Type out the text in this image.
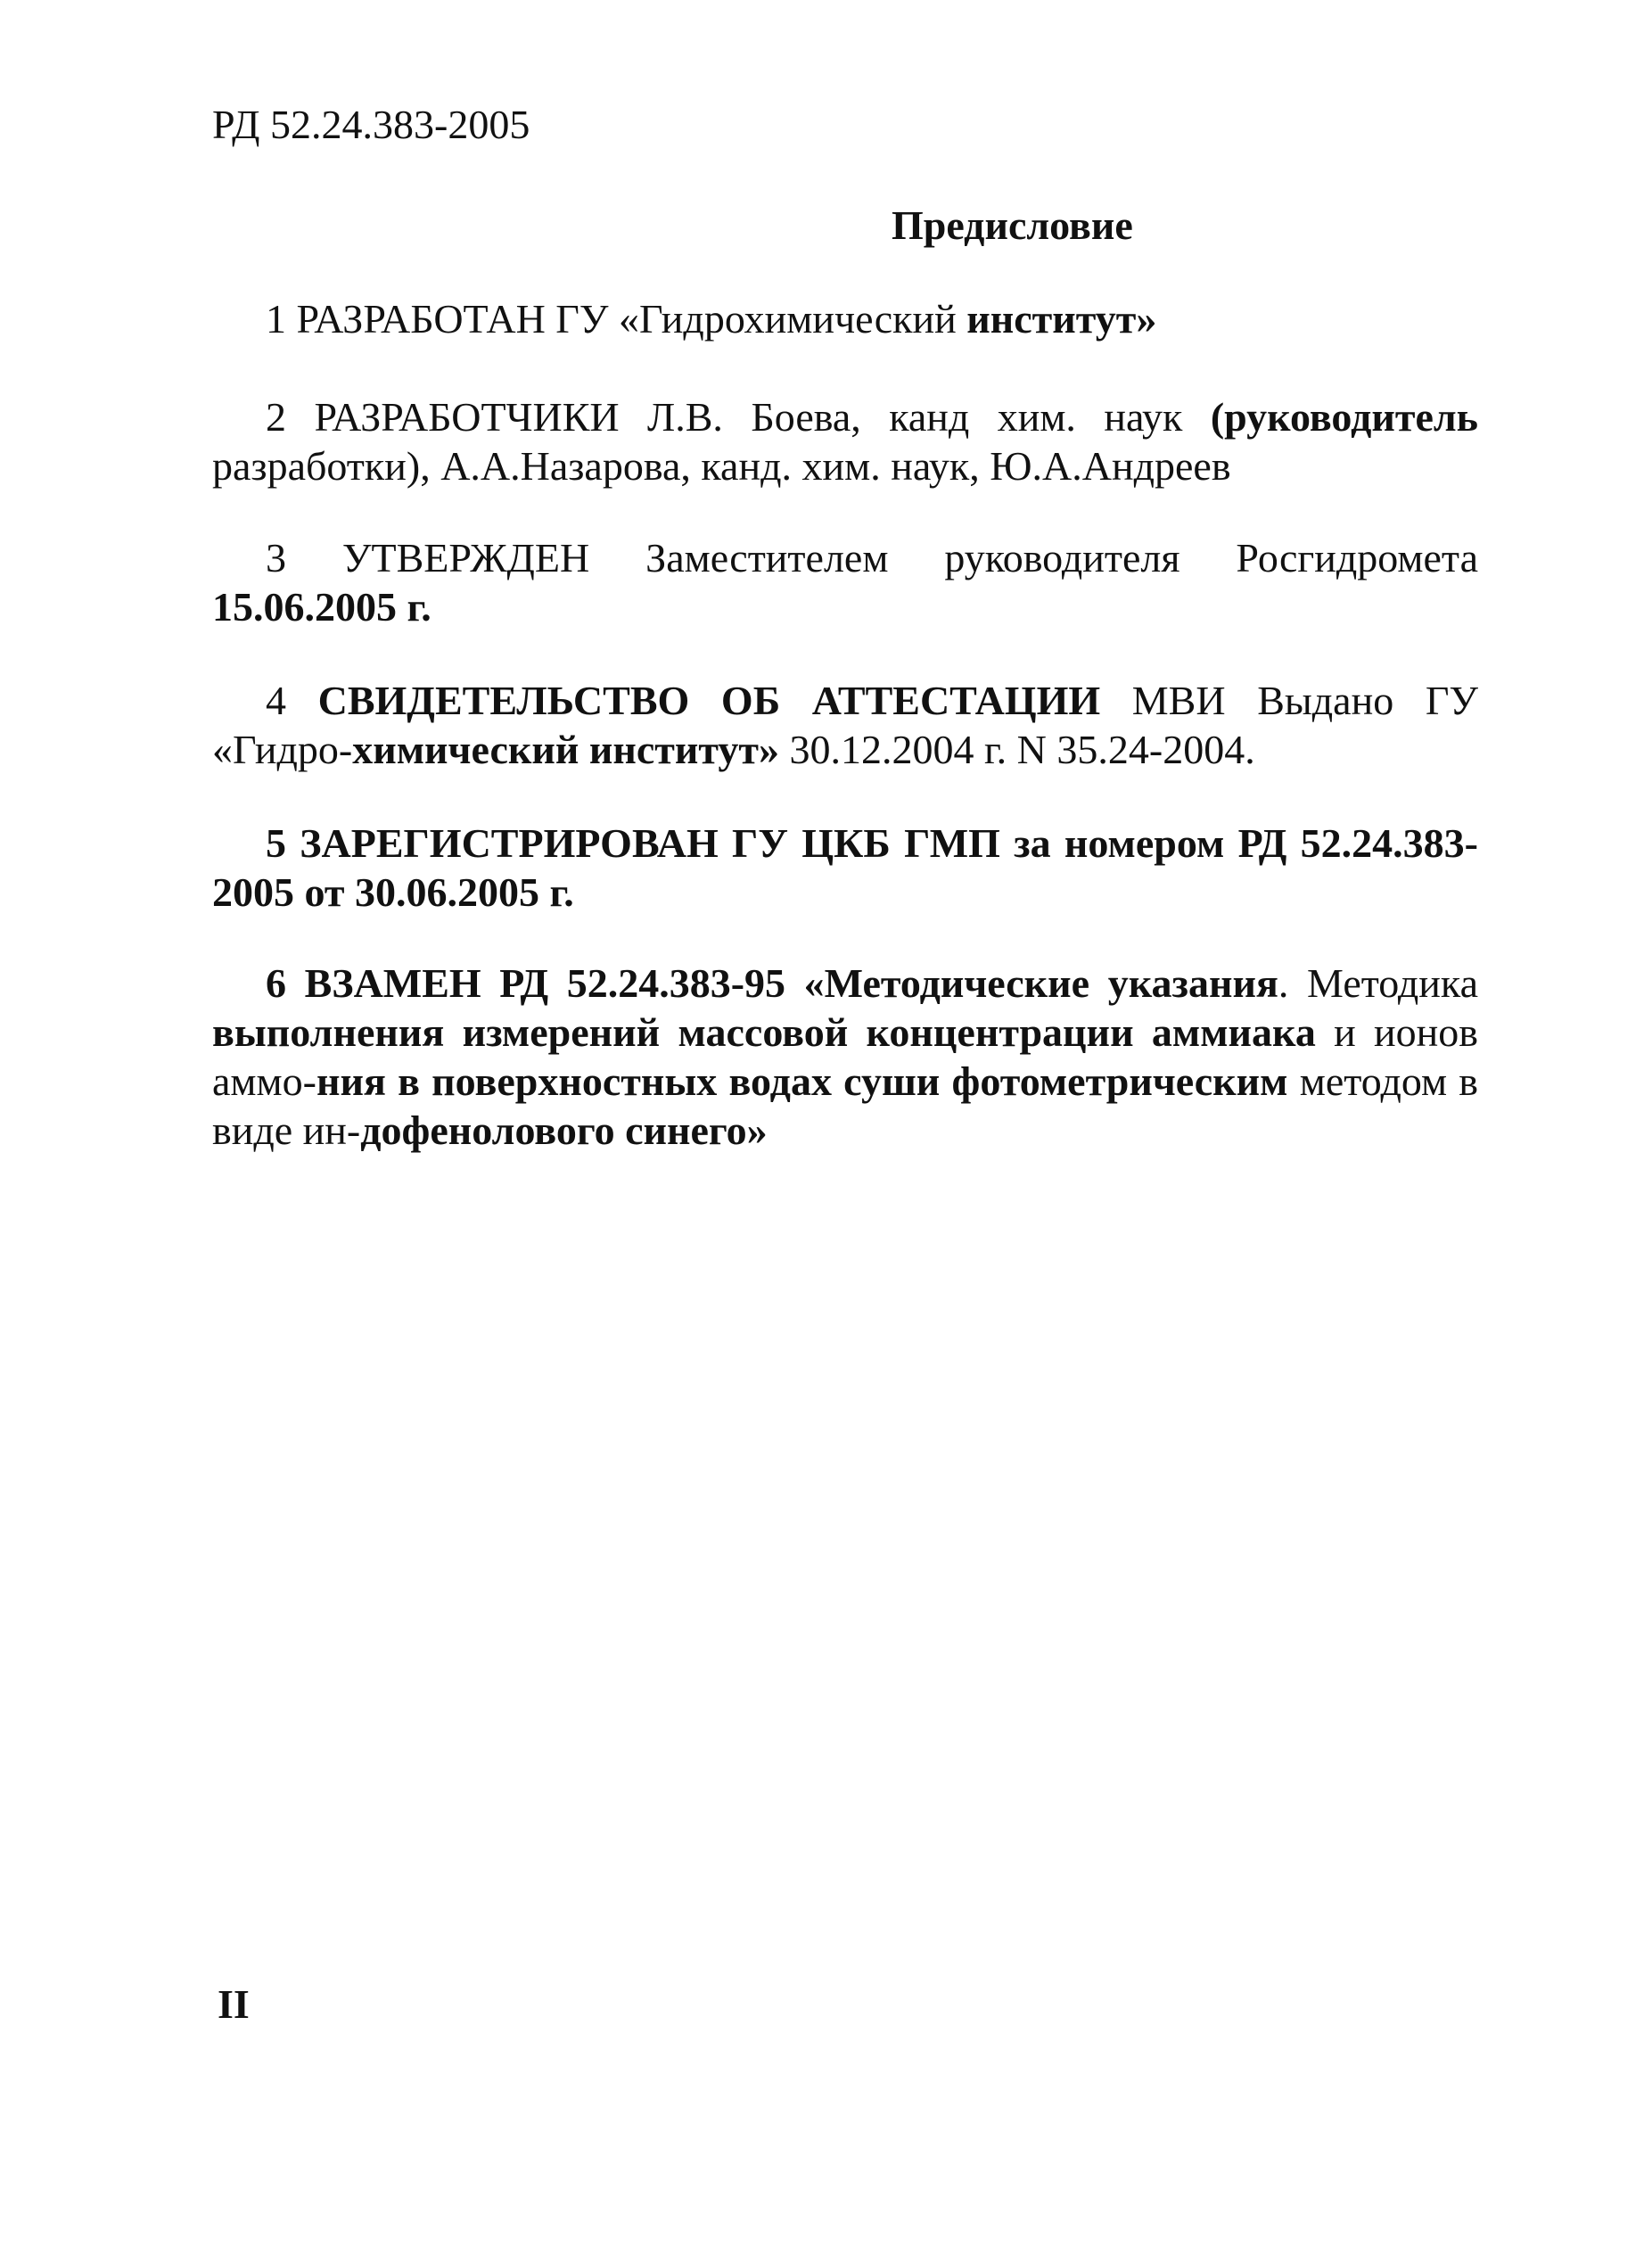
РД 52.24.383-2005
Предисловие

1 РАЗРАБОТАН ГУ «Гидрохимический институт»

2 РАЗРАБОТЧИКИ Л.В. Боева, канд хим. наук (руководитель разработки), А.А.Назарова, канд. хим. наук, Ю.А.Андреев

3 УТВЕРЖДЕН Заместителем руководителя Росгидромета 15.06.2005 г.

4 СВИДЕТЕЛЬСТВО ОБ АТТЕСТАЦИИ МВИ Выдано ГУ «Гидро-химический институт» 30.12.2004 г. N 35.24-2004.

5 ЗАРЕГИСТРИРОВАН ГУ ЦКБ ГМП за номером РД 52.24.383-2005 от 30.06.2005 г.

6 ВЗАМЕН РД 52.24.383-95 «Методические указания. Методика выполнения измерений массовой концентрации аммиака и ионов аммо-ния в поверхностных водах суши фотометрическим методом в виде ин-дофенолового синего»

II
